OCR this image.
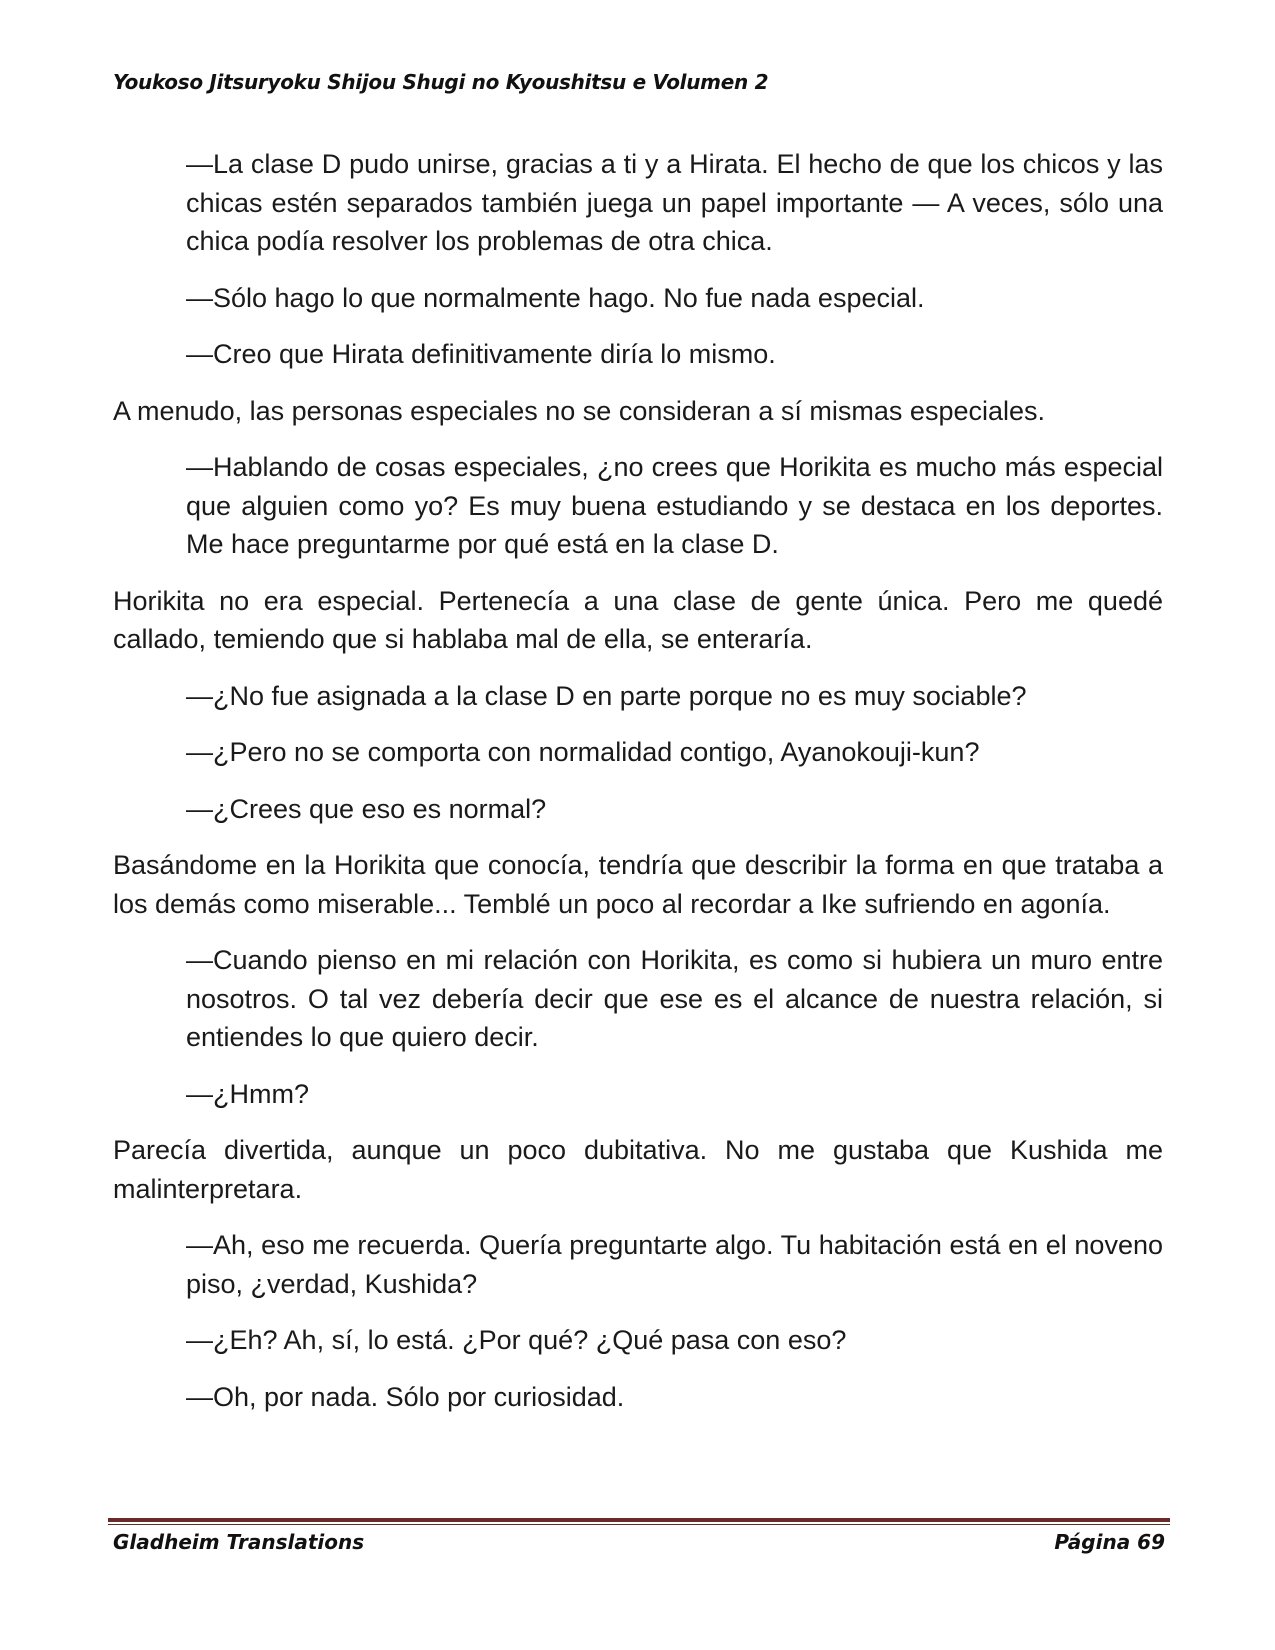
Youkoso Jitsuryoku Shijou Shugi no Kyoushitsu e Volumen 2

—La clase D pudo unirse, gracias a ti y a Hirata. El hecho de que los chicos y las chicas estén separados también juega un papel importante — A veces, sólo una chica podía resolver los problemas de otra chica.

—Sólo hago lo que normalmente hago. No fue nada especial.

—Creo que Hirata definitivamente diría lo mismo.

A menudo, las personas especiales no se consideran a sí mismas especiales.

—Hablando de cosas especiales, ¿no crees que Horikita es mucho más especial que alguien como yo? Es muy buena estudiando y se destaca en los deportes. Me hace preguntarme por qué está en la clase D.

Horikita no era especial. Pertenecía a una clase de gente única. Pero me quedé callado, temiendo que si hablaba mal de ella, se enteraría.

—¿No fue asignada a la clase D en parte porque no es muy sociable?

—¿Pero no se comporta con normalidad contigo, Ayanokouji-kun?

—¿Crees que eso es normal?

Basándome en la Horikita que conocía, tendría que describir la forma en que trataba a los demás como miserable... Temblé un poco al recordar a Ike sufriendo en agonía.

—Cuando pienso en mi relación con Horikita, es como si hubiera un muro entre nosotros. O tal vez debería decir que ese es el alcance de nuestra relación, si entiendes lo que quiero decir.

—¿Hmm?

Parecía divertida, aunque un poco dubitativa. No me gustaba que Kushida me malinterpretara.

—Ah, eso me recuerda. Quería preguntarte algo. Tu habitación está en el noveno piso, ¿verdad, Kushida?

—¿Eh? Ah, sí, lo está. ¿Por qué? ¿Qué pasa con eso?

—Oh, por nada. Sólo por curiosidad.

Gladheim Translations	Página 69
